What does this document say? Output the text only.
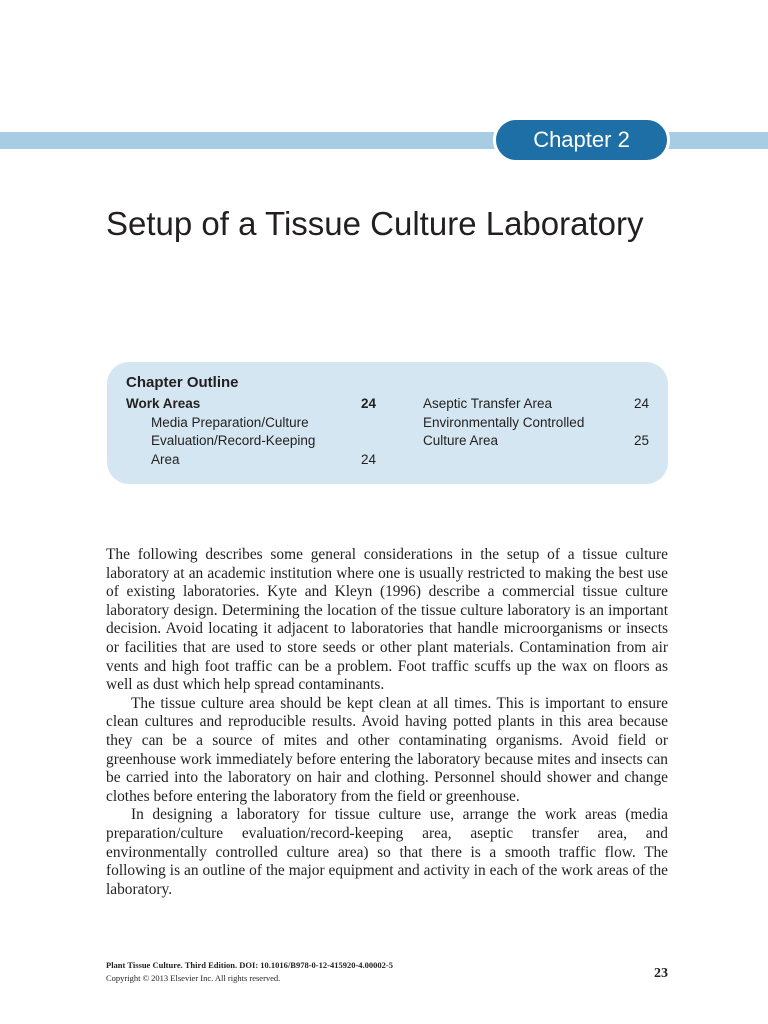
Chapter 2
Setup of a Tissue Culture Laboratory
Chapter Outline
Work Areas	24
Media Preparation/Culture
Evaluation/Record-Keeping
Area	24
Aseptic Transfer Area	24
Environmentally Controlled
Culture Area	25

The following describes some general considerations in the setup of a tissue culture laboratory at an academic institution where one is usually restricted to making the best use of existing laboratories. Kyte and Kleyn (1996) describe a commercial tissue culture laboratory design. Determining the location of the tissue culture laboratory is an important decision. Avoid locating it adjacent to laboratories that handle microorganisms or insects or facilities that are used to store seeds or other plant materials. Contamination from air vents and high foot traffic can be a problem. Foot traffic scuffs up the wax on floors as well as dust which help spread contaminants.

The tissue culture area should be kept clean at all times. This is important to ensure clean cultures and reproducible results. Avoid having potted plants in this area because they can be a source of mites and other contaminating organisms. Avoid field or greenhouse work immediately before entering the laboratory because mites and insects can be carried into the laboratory on hair and clothing. Personnel should shower and change clothes before entering the laboratory from the field or greenhouse.

In designing a laboratory for tissue culture use, arrange the work areas (media preparation/culture evaluation/record-keeping area, aseptic transfer area, and environmentally controlled culture area) so that there is a smooth traffic flow. The following is an outline of the major equipment and activity in each of the work areas of the laboratory.

Plant Tissue Culture. Third Edition. DOI: 10.1016/B978-0-12-415920-4.00002-5
Copyright © 2013 Elsevier Inc. All rights reserved.	23
